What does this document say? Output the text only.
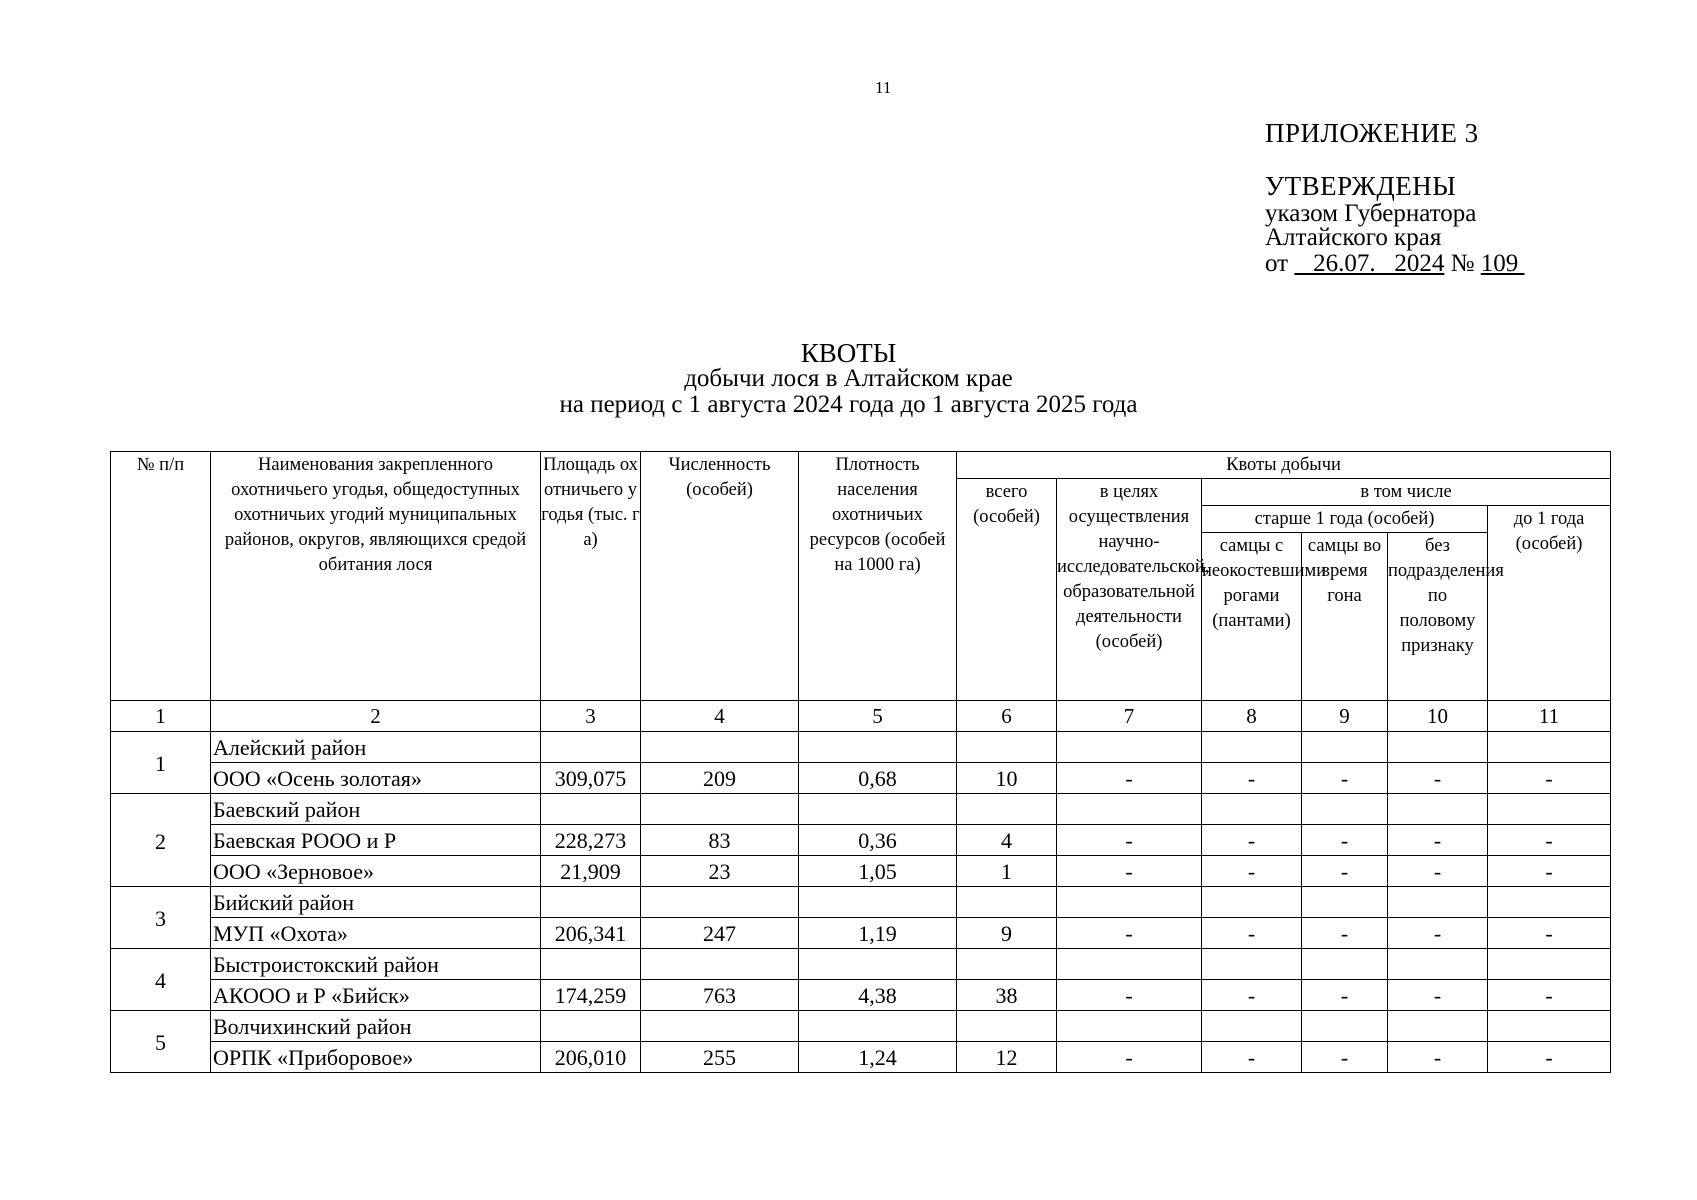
11
ПРИЛОЖЕНИЕ 3
УТВЕРЖДЕНЫ
указом Губернатора
Алтайского края
от 26.07. 2024 № 109
КВОТЫ
добычи лося в Алтайском крае
на период с 1 августа 2024 года до 1 августа 2025 года
№ п/п	Наименования закрепленного охотничьего угодья, общедоступных охотничьих угодий муниципальных районов, округов, являющихся средой обитания лося	Площадь охотничьего угодья (тыс. га)	Численность (особей)	Плотность населения охотничьих ресурсов (особей на 1000 га)	Квоты добычи					
					всего (особей)	в целях осуществления научно-исследовательской, образовательной деятельности (особей)	в том числе			
							старше 1 года (особей)			до 1 года (особей)
							самцы с неокостевшими рогами (пантами)	самцы во время гона	без подразделения по половому признаку	
1	2	3	4	5	6	7	8	9	10	11
1	Алейский район									
	ООО «Осень золотая»	309,075	209	0,68	10	-	-	-	-	-
2	Баевский район									
	Баевская РООО и Р	228,273	83	0,36	4	-	-	-	-	-
	ООО «Зерновое»	21,909	23	1,05	1	-	-	-	-	-
3	Бийский район									
	МУП «Охота»	206,341	247	1,19	9	-	-	-	-	-
4	Быстроистокский район									
	АКООО и Р «Бийск»	174,259	763	4,38	38	-	-	-	-	-
5	Волчихинский район									
	ОРПК «Приборовое»	206,010	255	1,24	12	-	-	-	-	-
